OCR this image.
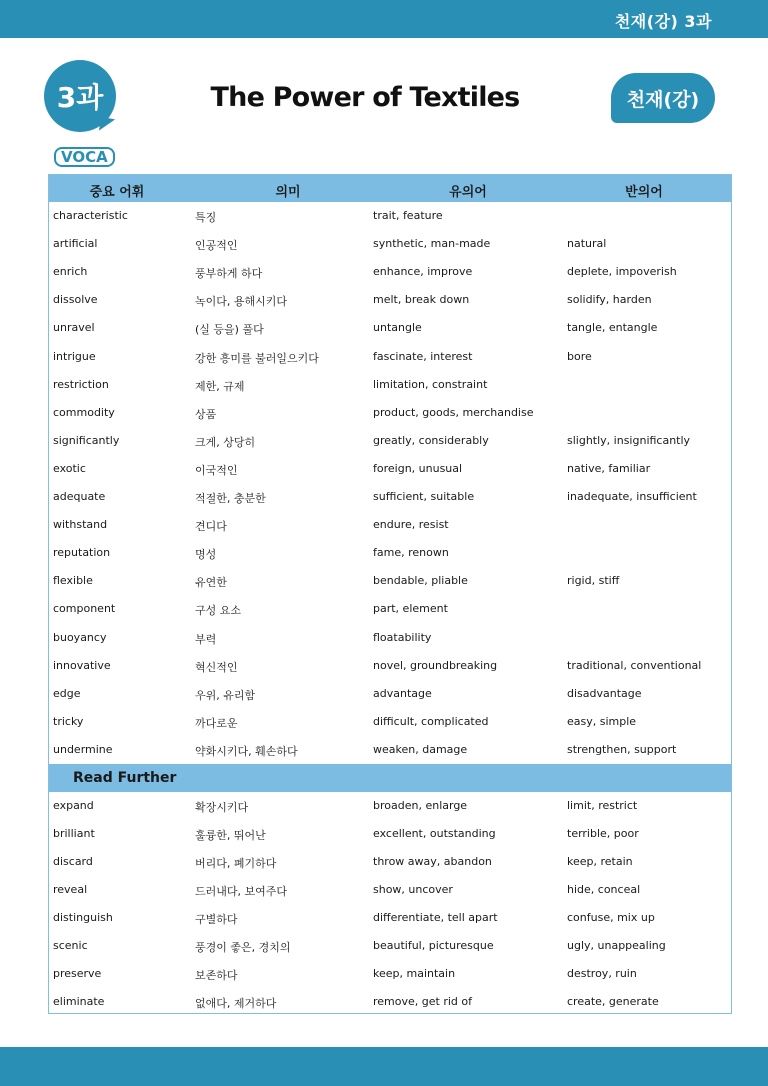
천재(강) 3과
3과	The Power of Textiles	천재(강)
VOCA
중요 어휘	의미	유의어	반의어
characteristic	특징	trait, feature
artificial	인공적인	synthetic, man-made	natural
enrich	풍부하게 하다	enhance, improve	deplete, impoverish
dissolve	녹이다, 용해시키다	melt, break down	solidify, harden
unravel	(실 등을) 풀다	untangle	tangle, entangle
intrigue	강한 흥미를 불러일으키다	fascinate, interest	bore
restriction	제한, 규제	limitation, constraint
commodity	상품	product, goods, merchandise
significantly	크게, 상당히	greatly, considerably	slightly, insignificantly
exotic	이국적인	foreign, unusual	native, familiar
adequate	적절한, 충분한	sufficient, suitable	inadequate, insufficient
withstand	견디다	endure, resist
reputation	명성	fame, renown
flexible	유연한	bendable, pliable	rigid, stiff
component	구성 요소	part, element
buoyancy	부력	floatability
innovative	혁신적인	novel, groundbreaking	traditional, conventional
edge	우위, 유리함	advantage	disadvantage
tricky	까다로운	difficult, complicated	easy, simple
undermine	약화시키다, 훼손하다	weaken, damage	strengthen, support
Read Further
expand	확장시키다	broaden, enlarge	limit, restrict
brilliant	훌륭한, 뛰어난	excellent, outstanding	terrible, poor
discard	버리다, 폐기하다	throw away, abandon	keep, retain
reveal	드러내다, 보여주다	show, uncover	hide, conceal
distinguish	구별하다	differentiate, tell apart	confuse, mix up
scenic	풍경이 좋은, 경치의	beautiful, picturesque	ugly, unappealing
preserve	보존하다	keep, maintain	destroy, ruin
eliminate	없애다, 제거하다	remove, get rid of	create, generate
